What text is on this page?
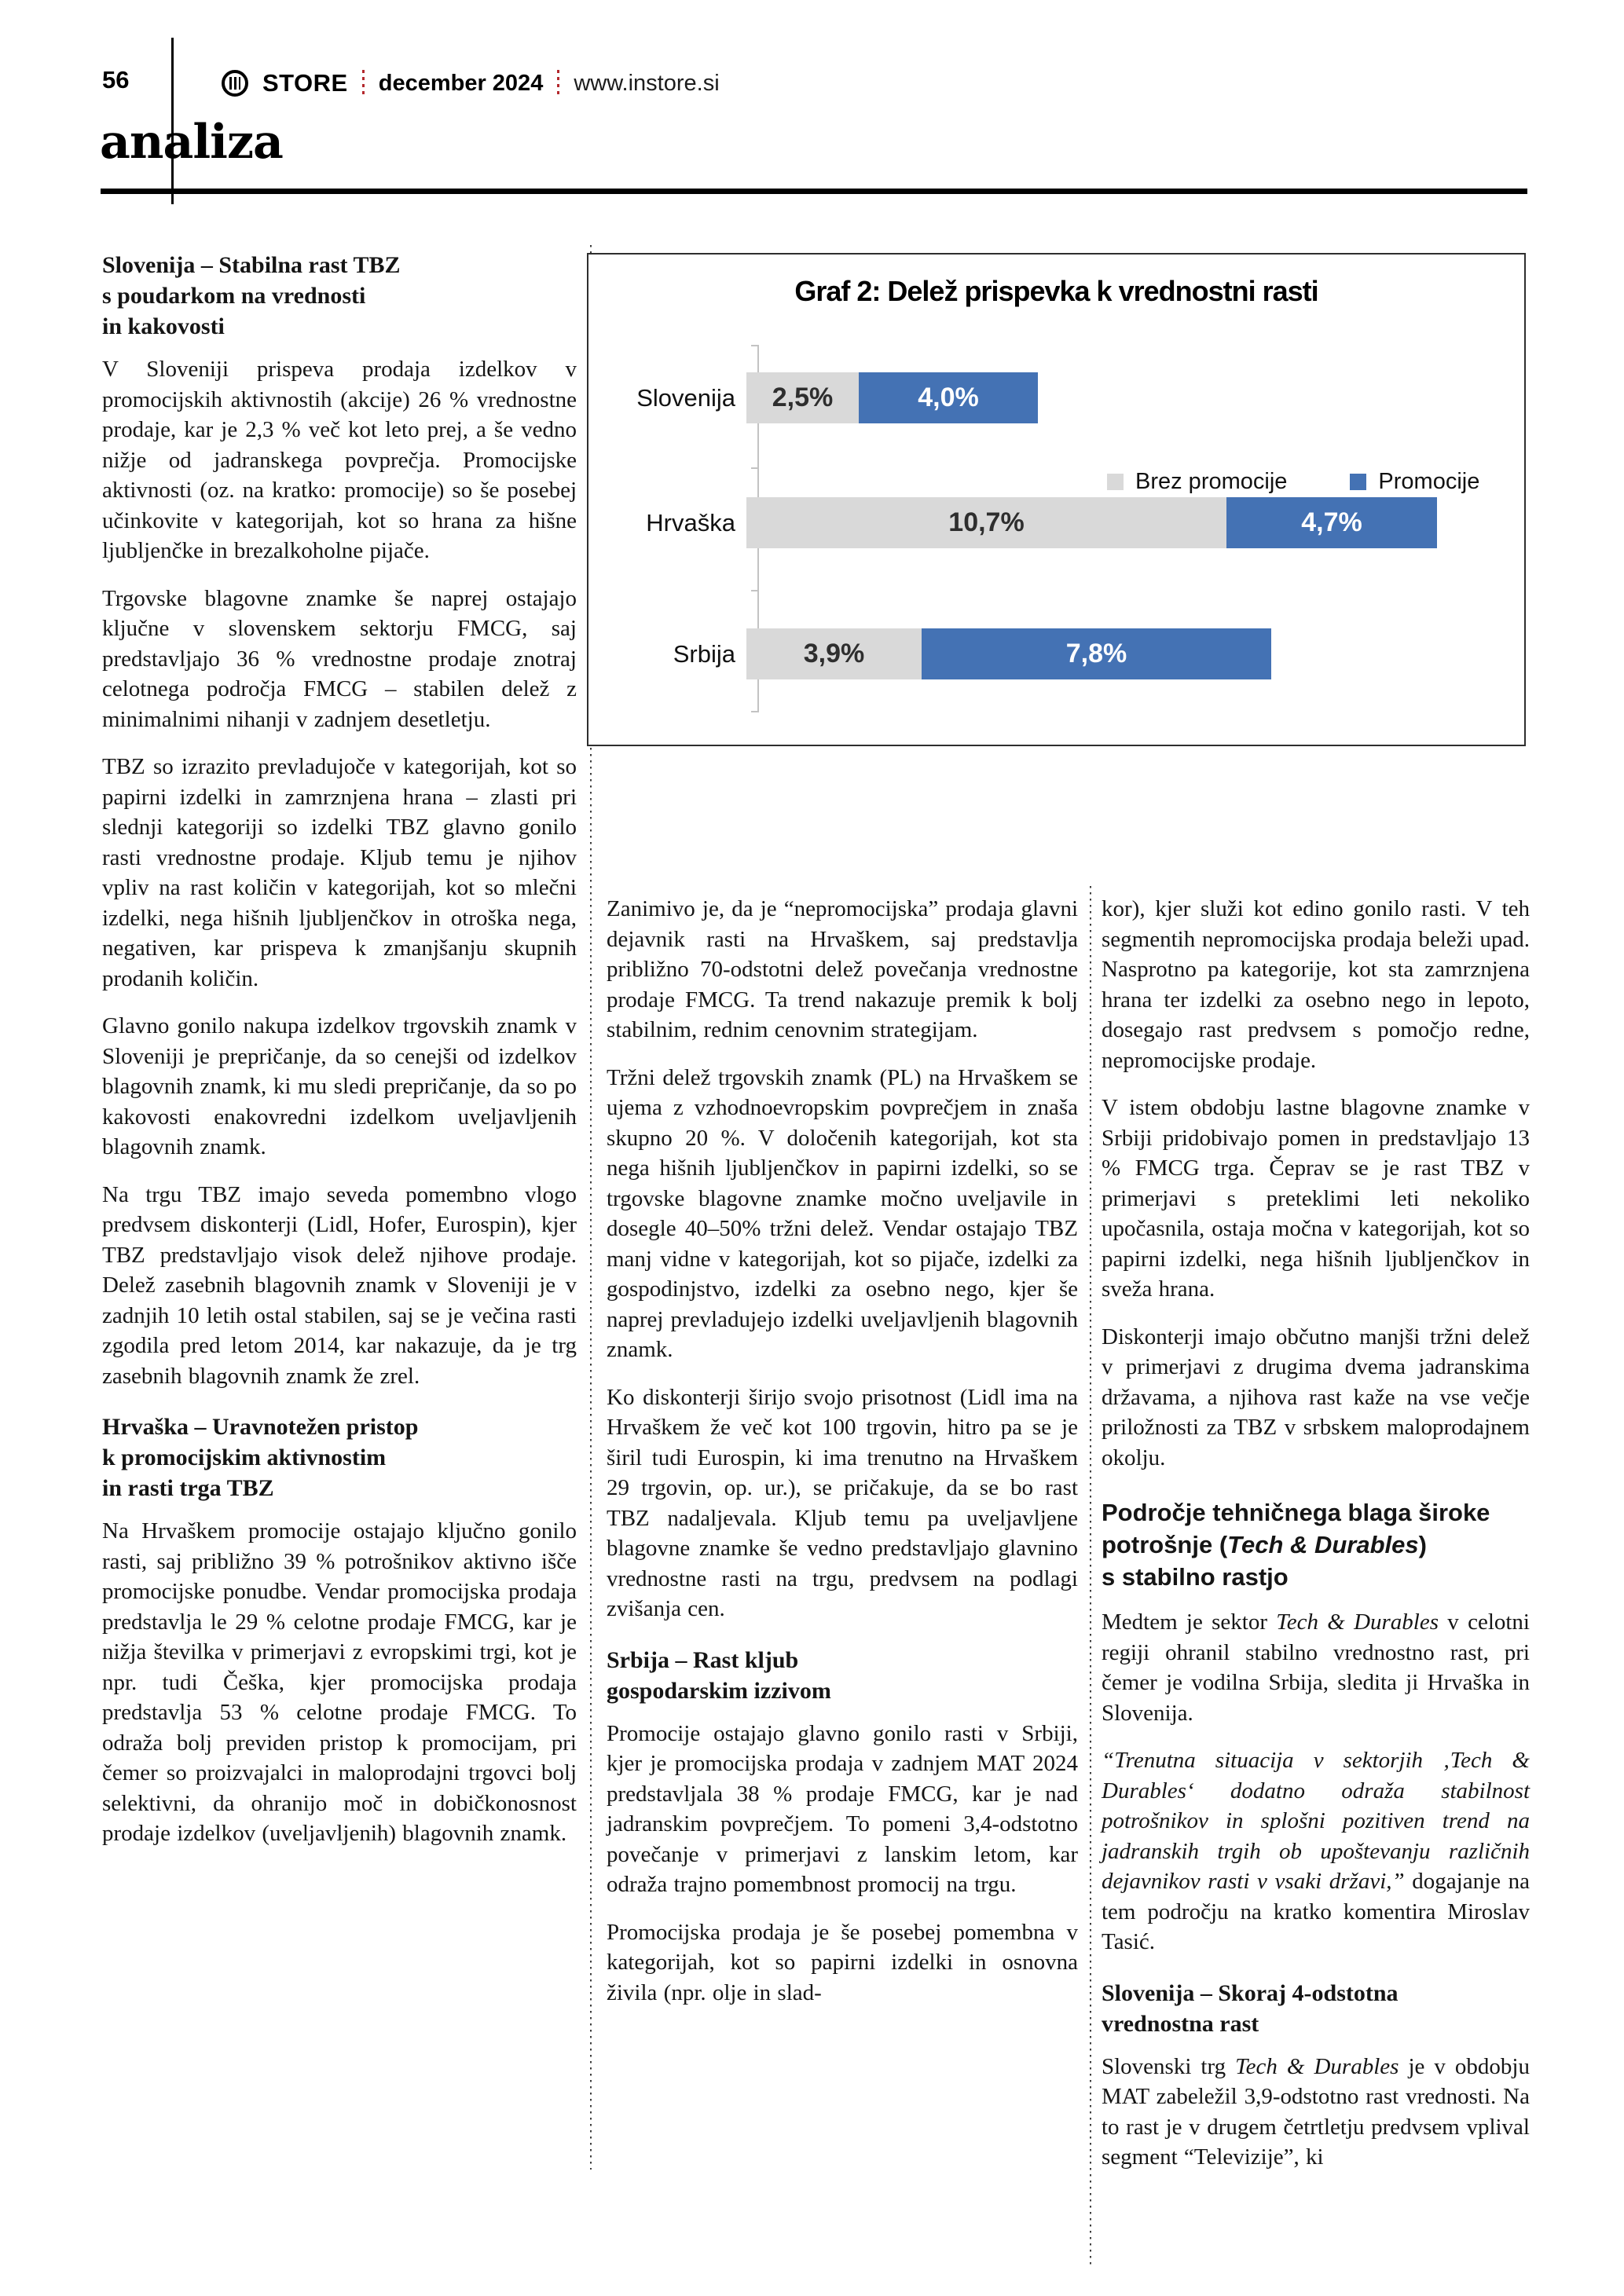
56	STORE december 2024 www.instore.si
analiza
Graf 2: Delež prispevka k vrednostni rasti
Slovenija	2,5%	4,0%
Hrvaška	10,7%	4,7%
Srbija	3,9%	7,8%
Brez promocije	Promocije
Slovenija – Stabilna rast TBZ
s poudarkom na vrednosti
in kakovosti

V Sloveniji prispeva prodaja izdelkov v promocijskih aktivnostih (akcije) 26 % vrednostne prodaje, kar je 2,3 % več kot leto prej, a še vedno nižje od jadranskega povprečja. Promocijske aktivnosti (oz. na kratko: promocije) so še posebej učinkovite v kategorijah, kot so hrana za hišne ljubljenčke in brezalkoholne pijače.

Trgovske blagovne znamke še naprej ostajajo ključne v slovenskem sektorju FMCG, saj predstavljajo 36 % vrednostne prodaje znotraj celotnega področja FMCG – stabilen delež z minimalnimi nihanji v zadnjem desetletju.

TBZ so izrazito prevladujoče v kategorijah, kot so papirni izdelki in zamrznjena hrana – zlasti pri slednji kategoriji so izdelki TBZ glavno gonilo rasti vrednostne prodaje. Kljub temu je njihov vpliv na rast količin v kategorijah, kot so mlečni izdelki, nega hišnih ljubljenčkov in otroška nega, negativen, kar prispeva k zmanjšanju skupnih prodanih količin.

Glavno gonilo nakupa izdelkov trgovskih znamk v Sloveniji je prepričanje, da so cenejši od izdelkov blagovnih znamk, ki mu sledi prepričanje, da so po kakovosti enakovredni izdelkom uveljavljenih blagovnih znamk.

Na trgu TBZ imajo seveda pomembno vlogo predvsem diskonterji (Lidl, Hofer, Eurospin), kjer TBZ predstavljajo visok delež njihove prodaje. Delež zasebnih blagovnih znamk v Sloveniji je v zadnjih 10 letih ostal stabilen, saj se je večina rasti zgodila pred letom 2014, kar nakazuje, da je trg zasebnih blagovnih znamk že zrel.

Hrvaška – Uravnotežen pristop
k promocijskim aktivnostim
in rasti trga TBZ

Na Hrvaškem promocije ostajajo ključno gonilo rasti, saj približno 39 % potrošnikov aktivno išče promocijske ponudbe. Vendar promocijska prodaja predstavlja le 29 % celotne prodaje FMCG, kar je nižja številka v primerjavi z evropskimi trgi, kot je npr. tudi Češka, kjer promocijska prodaja predstavlja 53 % celotne prodaje FMCG. To odraža bolj previden pristop k promocijam, pri čemer so proizvajalci in maloprodajni trgovci bolj selektivni, da ohranijo moč in dobičkonosnost prodaje izdelkov (uveljavljenih) blagovnih znamk.

Zanimivo je, da je “nepromocijska” prodaja glavni dejavnik rasti na Hrvaškem, saj predstavlja približno 70-odstotni delež povečanja vrednostne prodaje FMCG. Ta trend nakazuje premik k bolj stabilnim, rednim cenovnim strategijam.

Tržni delež trgovskih znamk (PL) na Hrvaškem se ujema z vzhodnoevropskim povprečjem in znaša skupno 20 %. V določenih kategorijah, kot sta nega hišnih ljubljenčkov in papirni izdelki, so se trgovske blagovne znamke močno uveljavile in dosegle 40–50% tržni delež. Vendar ostajajo TBZ manj vidne v kategorijah, kot so pijače, izdelki za gospodinjstvo, izdelki za osebno nego, kjer še naprej prevladujejo izdelki uveljavljenih blagovnih znamk.

Ko diskonterji širijo svojo prisotnost (Lidl ima na Hrvaškem že več kot 100 trgovin, hitro pa se je širil tudi Eurospin, ki ima trenutno na Hrvaškem 29 trgovin, op. ur.), se pričakuje, da se bo rast TBZ nadaljevala. Kljub temu pa uveljavljene blagovne znamke še vedno predstavljajo glavnino vrednostne rasti na trgu, predvsem na podlagi zvišanja cen.

Srbija – Rast kljub
gospodarskim izzivom

Promocije ostajajo glavno gonilo rasti v Srbiji, kjer je promocijska prodaja v zadnjem MAT 2024 predstavljala 38 % prodaje FMCG, kar je nad jadranskim povprečjem. To pomeni 3,4-odstotno povečanje v primerjavi z lanskim letom, kar odraža trajno pomembnost promocij na trgu.

Promocijska prodaja je še posebej pomembna v kategorijah, kot so papirni izdelki in osnovna živila (npr. olje in slad-

kor), kjer služi kot edino gonilo rasti. V teh segmentih nepromocijska prodaja beleži upad. Nasprotno pa kategorije, kot sta zamrznjena hrana ter izdelki za osebno nego in lepoto, dosegajo rast predvsem s pomočjo redne, nepromocijske prodaje.

V istem obdobju lastne blagovne znamke v Srbiji pridobivajo pomen in predstavljajo 13 % FMCG trga. Čeprav se je rast TBZ v primerjavi s preteklimi leti nekoliko upočasnila, ostaja močna v kategorijah, kot so papirni izdelki, nega hišnih ljubljenčkov in sveža hrana.

Diskonterji imajo občutno manjši tržni delež v primerjavi z drugima dvema jadranskima državama, a njihova rast kaže na vse večje priložnosti za TBZ v srbskem maloprodajnem okolju.

Področje tehničnega blaga široke
potrošnje (Tech & Durables)
s stabilno rastjo

Medtem je sektor Tech & Durables v celotni regiji ohranil stabilno vrednostno rast, pri čemer je vodilna Srbija, sledita ji Hrvaška in Slovenija.

“Trenutna situacija v sektorjih ‚Tech & Durables‘ dodatno odraža stabilnost potrošnikov in splošni pozitiven trend na jadranskih trgih ob upoštevanju različnih dejavnikov rasti v vsaki državi,” dogajanje na tem področju na kratko komentira Miroslav Tasić.

Slovenija – Skoraj 4-odstotna
vrednostna rast

Slovenski trg Tech & Durables je v obdobju MAT zabeležil 3,9-odstotno rast vrednosti. Na to rast je v drugem četrtletju predvsem vplival segment “Televizije”, ki
